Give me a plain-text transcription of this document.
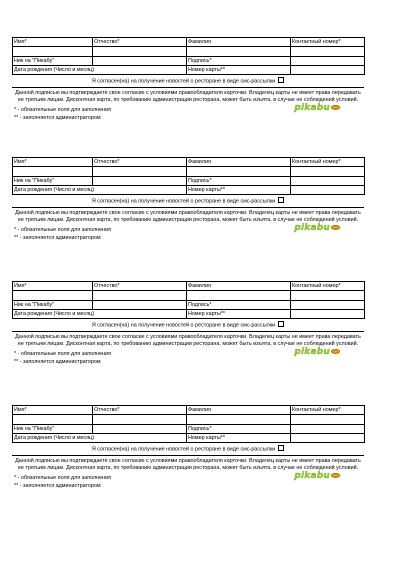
Имя*	Отчество*	Фамилия	Контактный номер*

Ник на "Пикабу"		Подпись*	
Дата рождения (Число и месяц)		Номер карты**	
Я согласен(на) на получение новостей о ресторане в виде смс-рассылки
Данной подписью вы подтверждаете свое согласие с условиями правообладателя карточки. Владелец карты не имеет права передавать ее третьим лицам. Дисконтная карта, по требованию администрации ресторана, может быть изъята, в случае не соблюдений условий.
* - обязательные поля для заполнения
** - заполняется администратором
pikabu
Имя*	Отчество*	Фамилия	Контактный номер*

Ник на "Пикабу"		Подпись*	
Дата рождения (Число и месяц)		Номер карты**	
Я согласен(на) на получение новостей о ресторане в виде смс-рассылки
Данной подписью вы подтверждаете свое согласие с условиями правообладателя карточки. Владелец карты не имеет права передавать ее третьим лицам. Дисконтная карта, по требованию администрации ресторана, может быть изъята, в случае не соблюдений условий.
* - обязательные поля для заполнения
** - заполняется администратором
pikabu
Имя*	Отчество*	Фамилия	Контактный номер*

Ник на "Пикабу"		Подпись*	
Дата рождения (Число и месяц)		Номер карты**	
Я согласен(на) на получение новостей о ресторане в виде смс-рассылки
Данной подписью вы подтверждаете свое согласие с условиями правообладателя карточки. Владелец карты не имеет права передавать ее третьим лицам. Дисконтная карта, по требованию администрации ресторана, может быть изъята, в случае не соблюдений условий.
* - обязательные поля для заполнения
** - заполняется администратором
pikabu
Имя*	Отчество*	Фамилия	Контактный номер*

Ник на "Пикабу"		Подпись*	
Дата рождения (Число и месяц)		Номер карты**	
Я согласен(на) на получение новостей о ресторане в виде смс-рассылки
Данной подписью вы подтверждаете свое согласие с условиями правообладателя карточки. Владелец карты не имеет права передавать ее третьим лицам. Дисконтная карта, по требованию администрации ресторана, может быть изъята, в случае не соблюдений условий.
* - обязательные поля для заполнения
** - заполняется администратором
pikabu
